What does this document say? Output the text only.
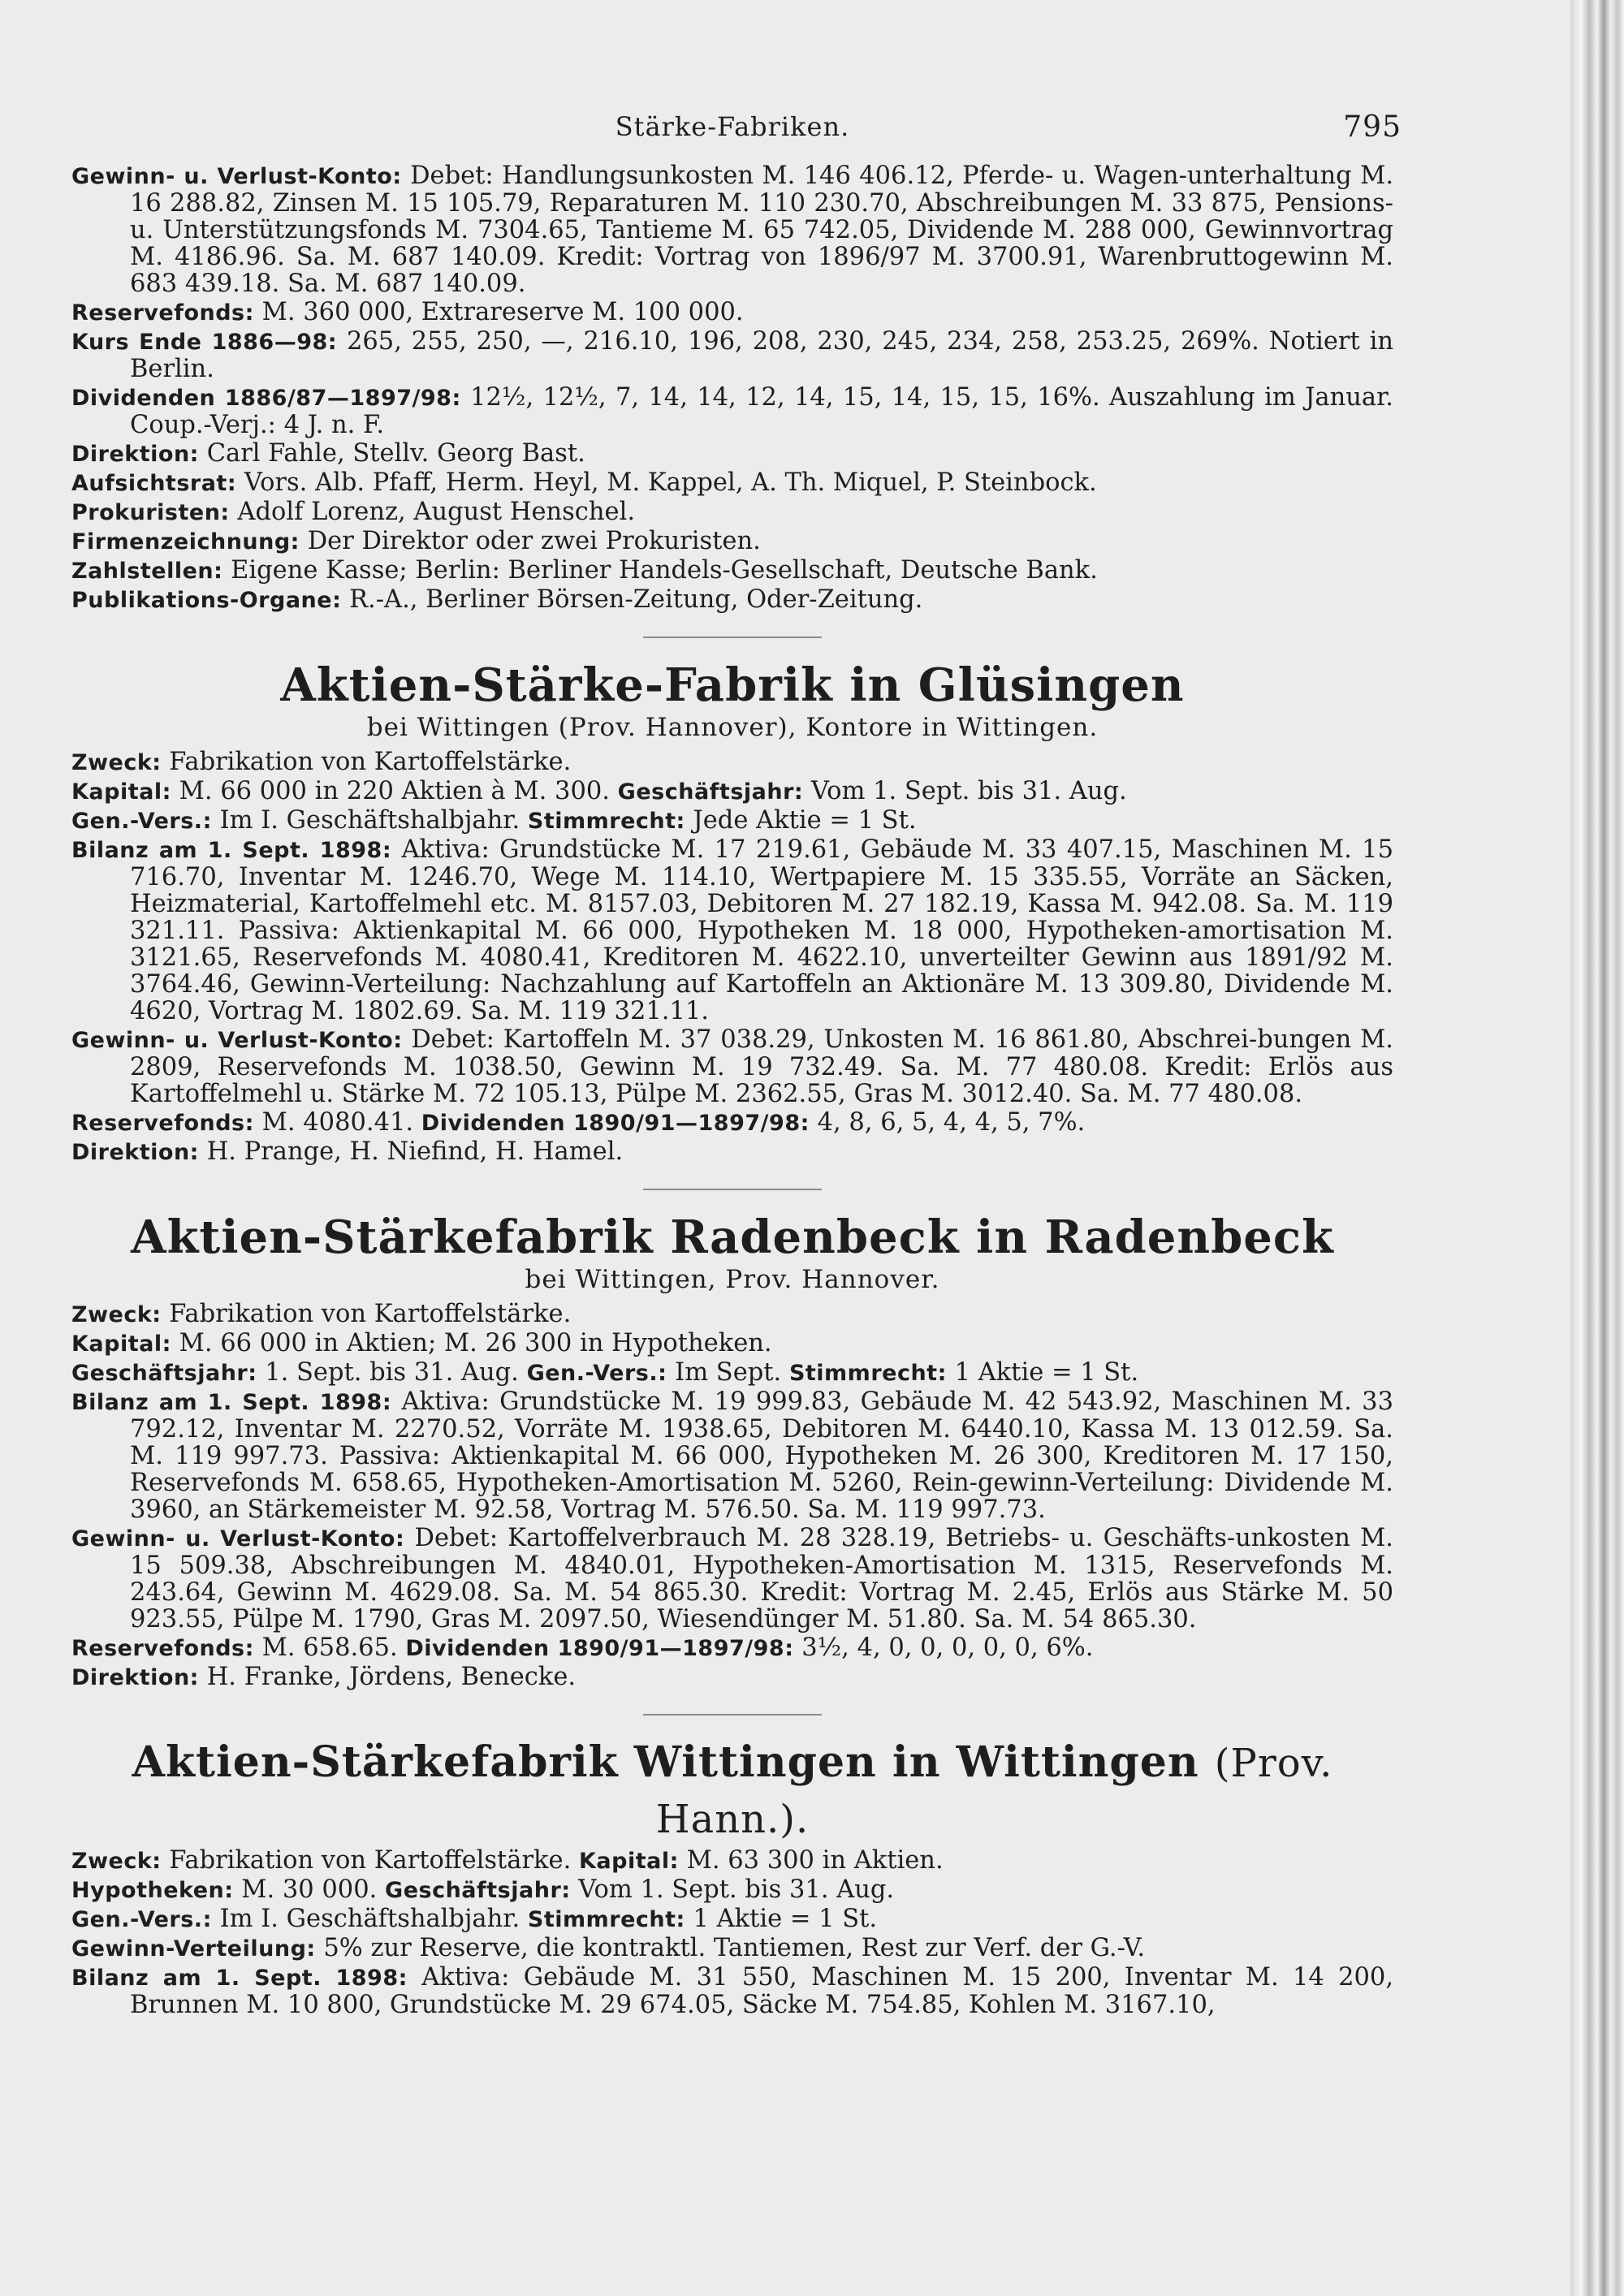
Stärke-Fabriken.	795

Gewinn- u. Verlust-Konto: Debet: Handlungsunkosten M. 146 406.12, Pferde- u. Wagen-unterhaltung M. 16 288.82, Zinsen M. 15 105.79, Reparaturen M. 110 230.70, Abschreibungen M. 33 875, Pensions- u. Unterstützungsfonds M. 7304.65, Tantieme M. 65 742.05, Dividende M. 288 000, Gewinnvortrag M. 4186.96. Sa. M. 687 140.09. Kredit: Vortrag von 1896/97 M. 3700.91, Warenbruttogewinn M. 683 439.18. Sa. M. 687 140.09.

Reservefonds: M. 360 000, Extrareserve M. 100 000.

Kurs Ende 1886—98: 265, 255, 250, —, 216.10, 196, 208, 230, 245, 234, 258, 253.25, 269%. Notiert in Berlin.

Dividenden 1886/87—1897/98: 12½, 12½, 7, 14, 14, 12, 14, 15, 14, 15, 15, 16%. Auszahlung im Januar. Coup.-Verj.: 4 J. n. F.

Direktion: Carl Fahle, Stellv. Georg Bast.

Aufsichtsrat: Vors. Alb. Pfaff, Herm. Heyl, M. Kappel, A. Th. Miquel, P. Steinbock.

Prokuristen: Adolf Lorenz, August Henschel.

Firmenzeichnung: Der Direktor oder zwei Prokuristen.

Zahlstellen: Eigene Kasse; Berlin: Berliner Handels-Gesellschaft, Deutsche Bank.

Publikations-Organe: R.-A., Berliner Börsen-Zeitung, Oder-Zeitung.

Aktien-Stärke-Fabrik in Glüsingen

bei Wittingen (Prov. Hannover), Kontore in Wittingen.

Zweck: Fabrikation von Kartoffelstärke.

Kapital: M. 66 000 in 220 Aktien à M. 300. Geschäftsjahr: Vom 1. Sept. bis 31. Aug.

Gen.-Vers.: Im I. Geschäftshalbjahr. Stimmrecht: Jede Aktie = 1 St.

Bilanz am 1. Sept. 1898: Aktiva: Grundstücke M. 17 219.61, Gebäude M. 33 407.15, Maschinen M. 15 716.70, Inventar M. 1246.70, Wege M. 114.10, Wertpapiere M. 15 335.55, Vorräte an Säcken, Heizmaterial, Kartoffelmehl etc. M. 8157.03, Debitoren M. 27 182.19, Kassa M. 942.08. Sa. M. 119 321.11. Passiva: Aktienkapital M. 66 000, Hypotheken M. 18 000, Hypotheken-amortisation M. 3121.65, Reservefonds M. 4080.41, Kreditoren M. 4622.10, unverteilter Gewinn aus 1891/92 M. 3764.46, Gewinn-Verteilung: Nachzahlung auf Kartoffeln an Aktionäre M. 13 309.80, Dividende M. 4620, Vortrag M. 1802.69. Sa. M. 119 321.11.

Gewinn- u. Verlust-Konto: Debet: Kartoffeln M. 37 038.29, Unkosten M. 16 861.80, Abschrei-bungen M. 2809, Reservefonds M. 1038.50, Gewinn M. 19 732.49. Sa. M. 77 480.08. Kredit: Erlös aus Kartoffelmehl u. Stärke M. 72 105.13, Pülpe M. 2362.55, Gras M. 3012.40. Sa. M. 77 480.08.

Reservefonds: M. 4080.41. Dividenden 1890/91—1897/98: 4, 8, 6, 5, 4, 4, 5, 7%.

Direktion: H. Prange, H. Niefind, H. Hamel.

Aktien-Stärkefabrik Radenbeck in Radenbeck

bei Wittingen, Prov. Hannover.

Zweck: Fabrikation von Kartoffelstärke.

Kapital: M. 66 000 in Aktien; M. 26 300 in Hypotheken.

Geschäftsjahr: 1. Sept. bis 31. Aug. Gen.-Vers.: Im Sept. Stimmrecht: 1 Aktie = 1 St.

Bilanz am 1. Sept. 1898: Aktiva: Grundstücke M. 19 999.83, Gebäude M. 42 543.92, Maschinen M. 33 792.12, Inventar M. 2270.52, Vorräte M. 1938.65, Debitoren M. 6440.10, Kassa M. 13 012.59. Sa. M. 119 997.73. Passiva: Aktienkapital M. 66 000, Hypotheken M. 26 300, Kreditoren M. 17 150, Reservefonds M. 658.65, Hypotheken-Amortisation M. 5260, Rein-gewinn-Verteilung: Dividende M. 3960, an Stärkemeister M. 92.58, Vortrag M. 576.50. Sa. M. 119 997.73.

Gewinn- u. Verlust-Konto: Debet: Kartoffelverbrauch M. 28 328.19, Betriebs- u. Geschäfts-unkosten M. 15 509.38, Abschreibungen M. 4840.01, Hypotheken-Amortisation M. 1315, Reservefonds M. 243.64, Gewinn M. 4629.08. Sa. M. 54 865.30. Kredit: Vortrag M. 2.45, Erlös aus Stärke M. 50 923.55, Pülpe M. 1790, Gras M. 2097.50, Wiesendünger M. 51.80. Sa. M. 54 865.30.

Reservefonds: M. 658.65. Dividenden 1890/91—1897/98: 3½, 4, 0, 0, 0, 0, 0, 6%.

Direktion: H. Franke, Jördens, Benecke.

Aktien-Stärkefabrik Wittingen in Wittingen (Prov. Hann.).

Zweck: Fabrikation von Kartoffelstärke. Kapital: M. 63 300 in Aktien.

Hypotheken: M. 30 000. Geschäftsjahr: Vom 1. Sept. bis 31. Aug.

Gen.-Vers.: Im I. Geschäftshalbjahr. Stimmrecht: 1 Aktie = 1 St.

Gewinn-Verteilung: 5% zur Reserve, die kontraktl. Tantiemen, Rest zur Verf. der G.-V.

Bilanz am 1. Sept. 1898: Aktiva: Gebäude M. 31 550, Maschinen M. 15 200, Inventar M. 14 200, Brunnen M. 10 800, Grundstücke M. 29 674.05, Säcke M. 754.85, Kohlen M. 3167.10,
